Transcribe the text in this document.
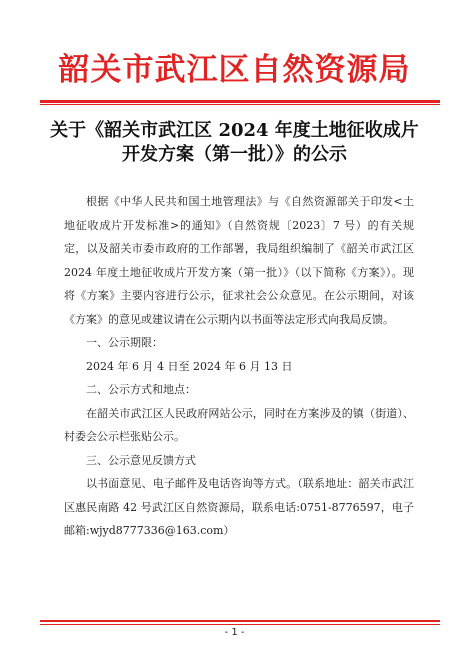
韶关市武江区自然资源局
关于《韶关市武江区 2024 年度土地征收成片
开发方案（第一批）》的公示

根据《中华人民共和国土地管理法》与《自然资源部关于印发<土地征收成片开发标准>的通知》（自然资规〔2023〕7 号）的有关规定，以及韶关市委市政府的工作部署，我局组织编制了《韶关市武江区 2024 年度土地征收成片开发方案（第一批）》（以下简称《方案》）。现将《方案》主要内容进行公示，征求社会公众意见。在公示期间，对该《方案》的意见或建议请在公示期内以书面等法定形式向我局反馈。

一、公示期限：

2024 年 6 月 4 日至 2024 年 6 月 13 日

二、公示方式和地点：

在韶关市武江区人民政府网站公示，同时在方案涉及的镇（街道）、村委会公示栏张贴公示。

三、公示意见反馈方式

以书面意见、电子邮件及电话咨询等方式。（联系地址：韶关市武江区惠民南路 42 号武江区自然资源局，联系电话:0751-8776597，电子邮箱:wjyd8777336@163.com）

- 1 -
